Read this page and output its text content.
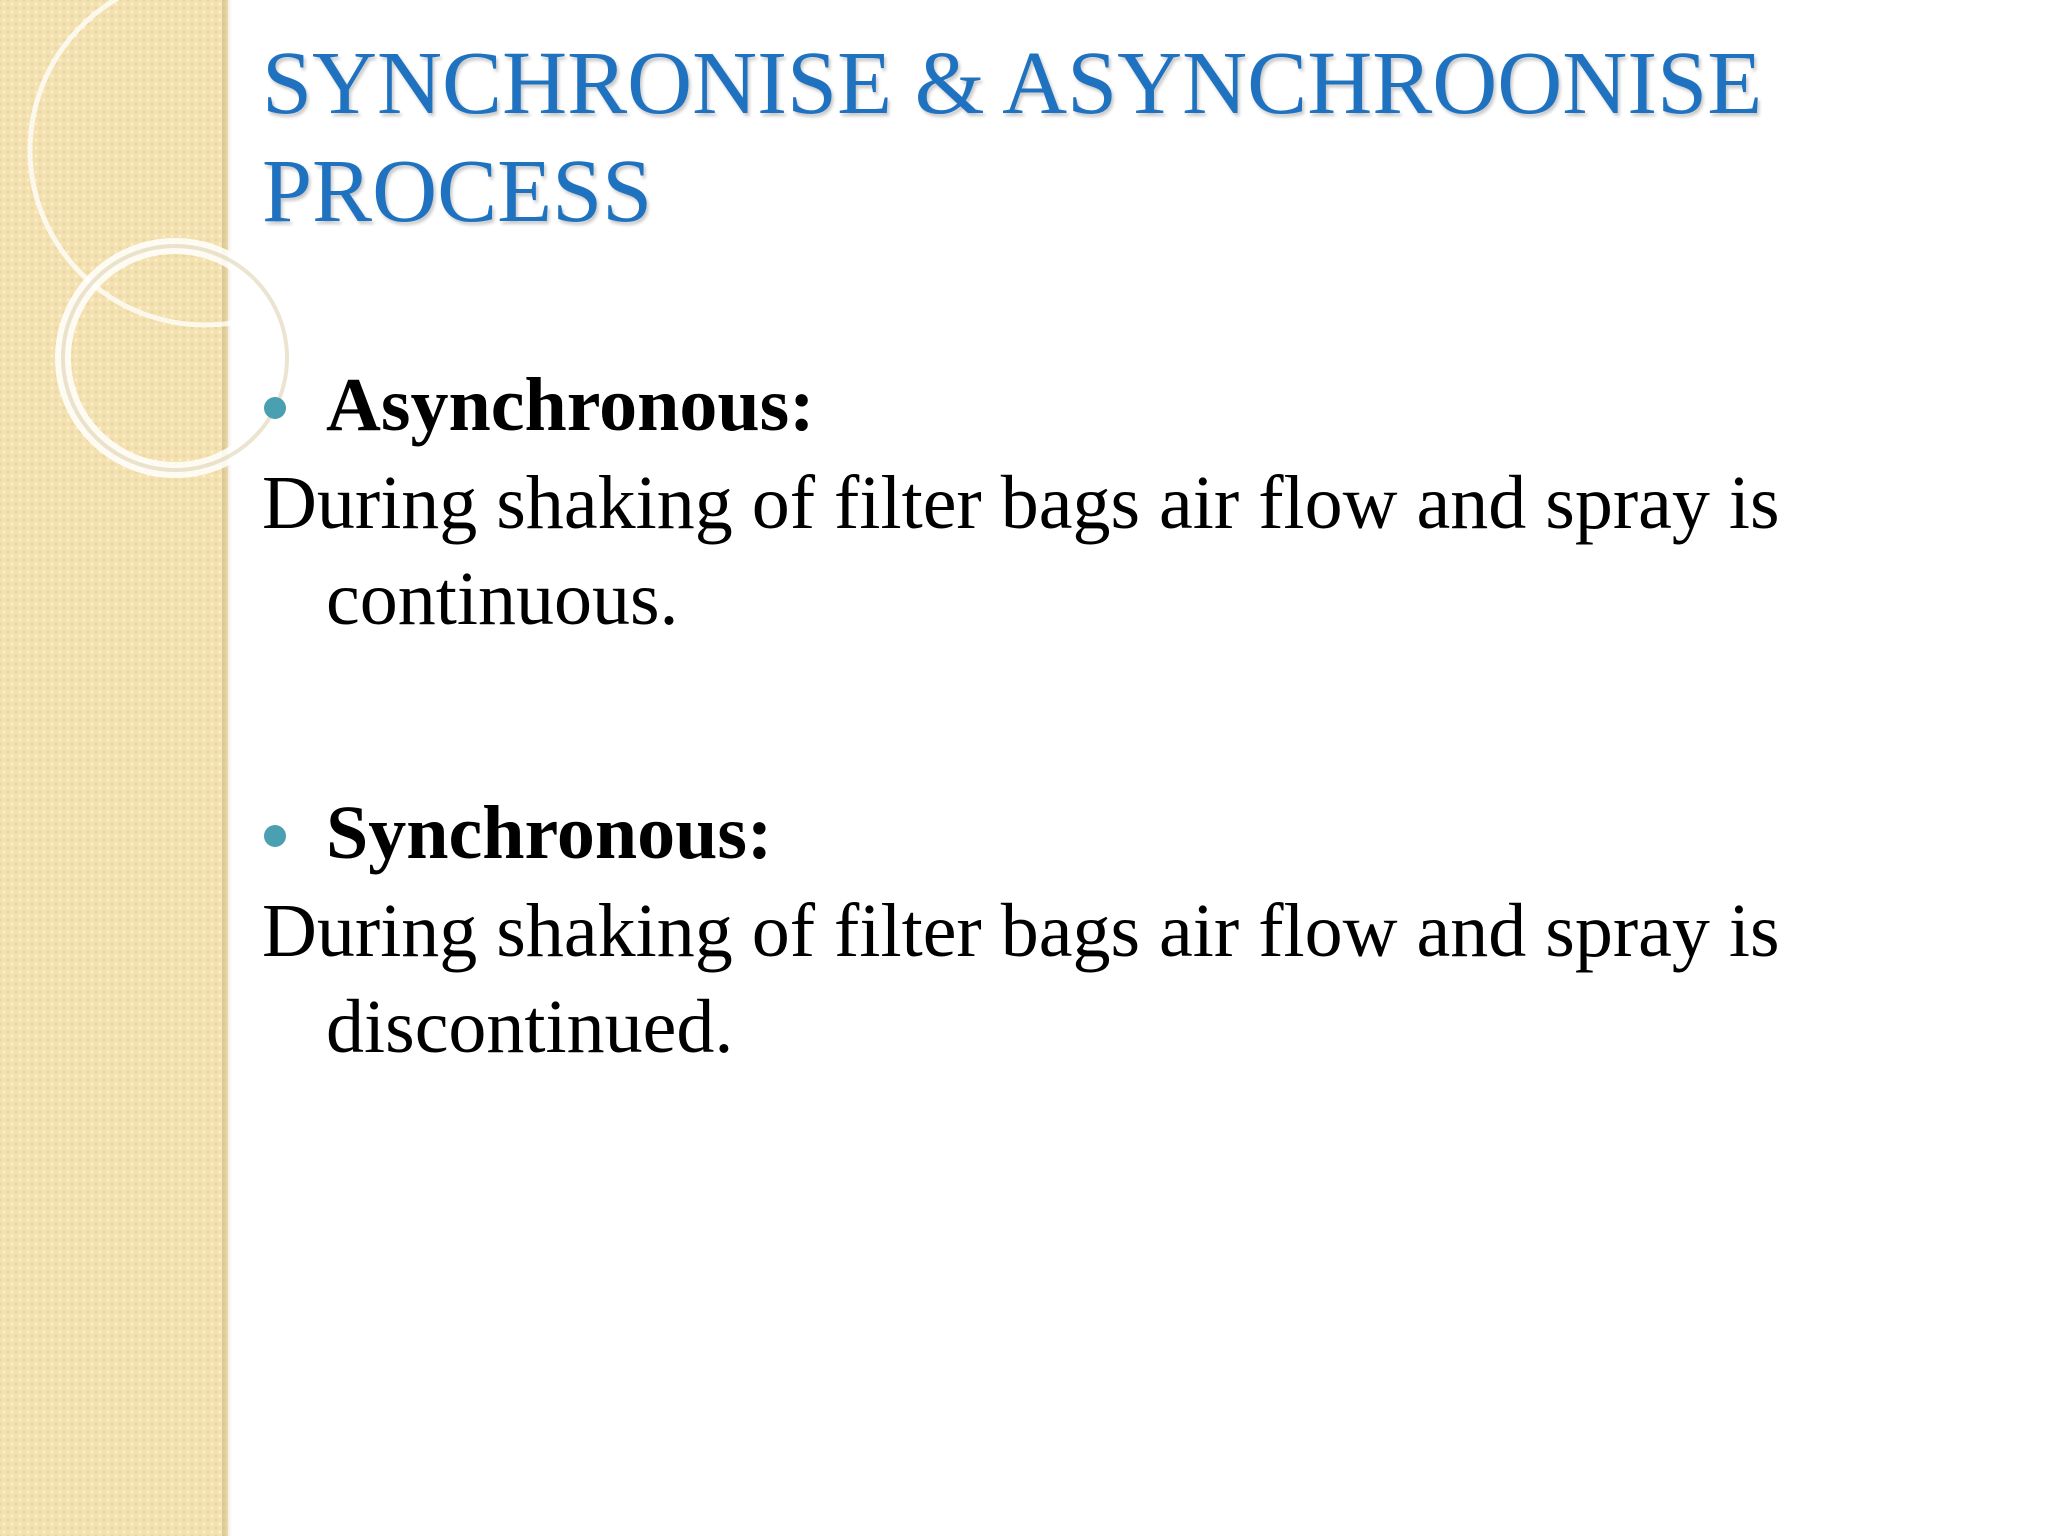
SYNCHRONISE & ASYNCHROONISE PROCESS
Asynchronous:

During shaking of filter bags air flow and spray is continuous.

Synchronous:

During shaking of filter bags air flow and spray is discontinued.
